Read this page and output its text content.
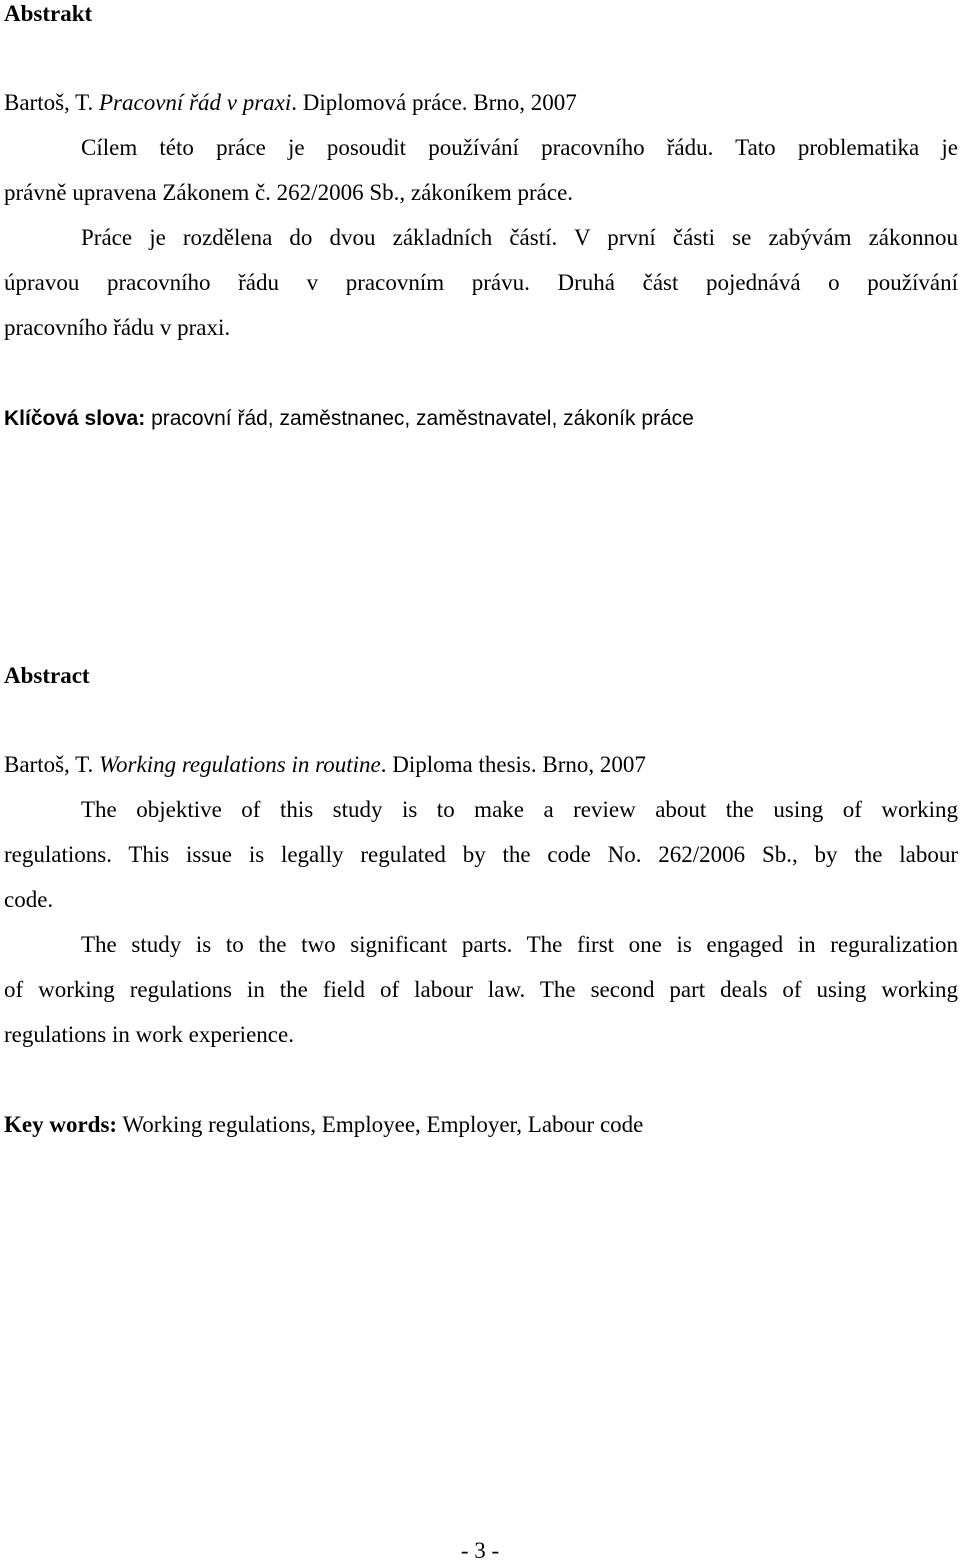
Abstrakt

Bartoš, T. Pracovní řád v praxi. Diplomová práce. Brno, 2007

Cílem této práce je posoudit používání pracovního řádu. Tato problematika je

právně upravena Zákonem č. 262/2006 Sb., zákoníkem práce.

Práce je rozdělena do dvou základních částí. V první části se zabývám zákonnou

úpravou pracovního řádu v pracovním právu. Druhá část pojednává o používání

pracovního řádu v praxi.

Klíčová slova: pracovní řád, zaměstnanec, zaměstnavatel, zákoník práce

Abstract

Bartoš, T. Working regulations in routine. Diploma thesis. Brno, 2007

The objektive of this study is to make a review about the using of working

regulations. This issue is legally regulated by the code No. 262/2006 Sb., by the labour

code.

The study is to the two significant parts. The first one is engaged in reguralization

of working regulations in the field of labour law. The second part deals of using working

regulations in work experience.

Key words: Working regulations, Employee, Employer, Labour code

- 3 -
